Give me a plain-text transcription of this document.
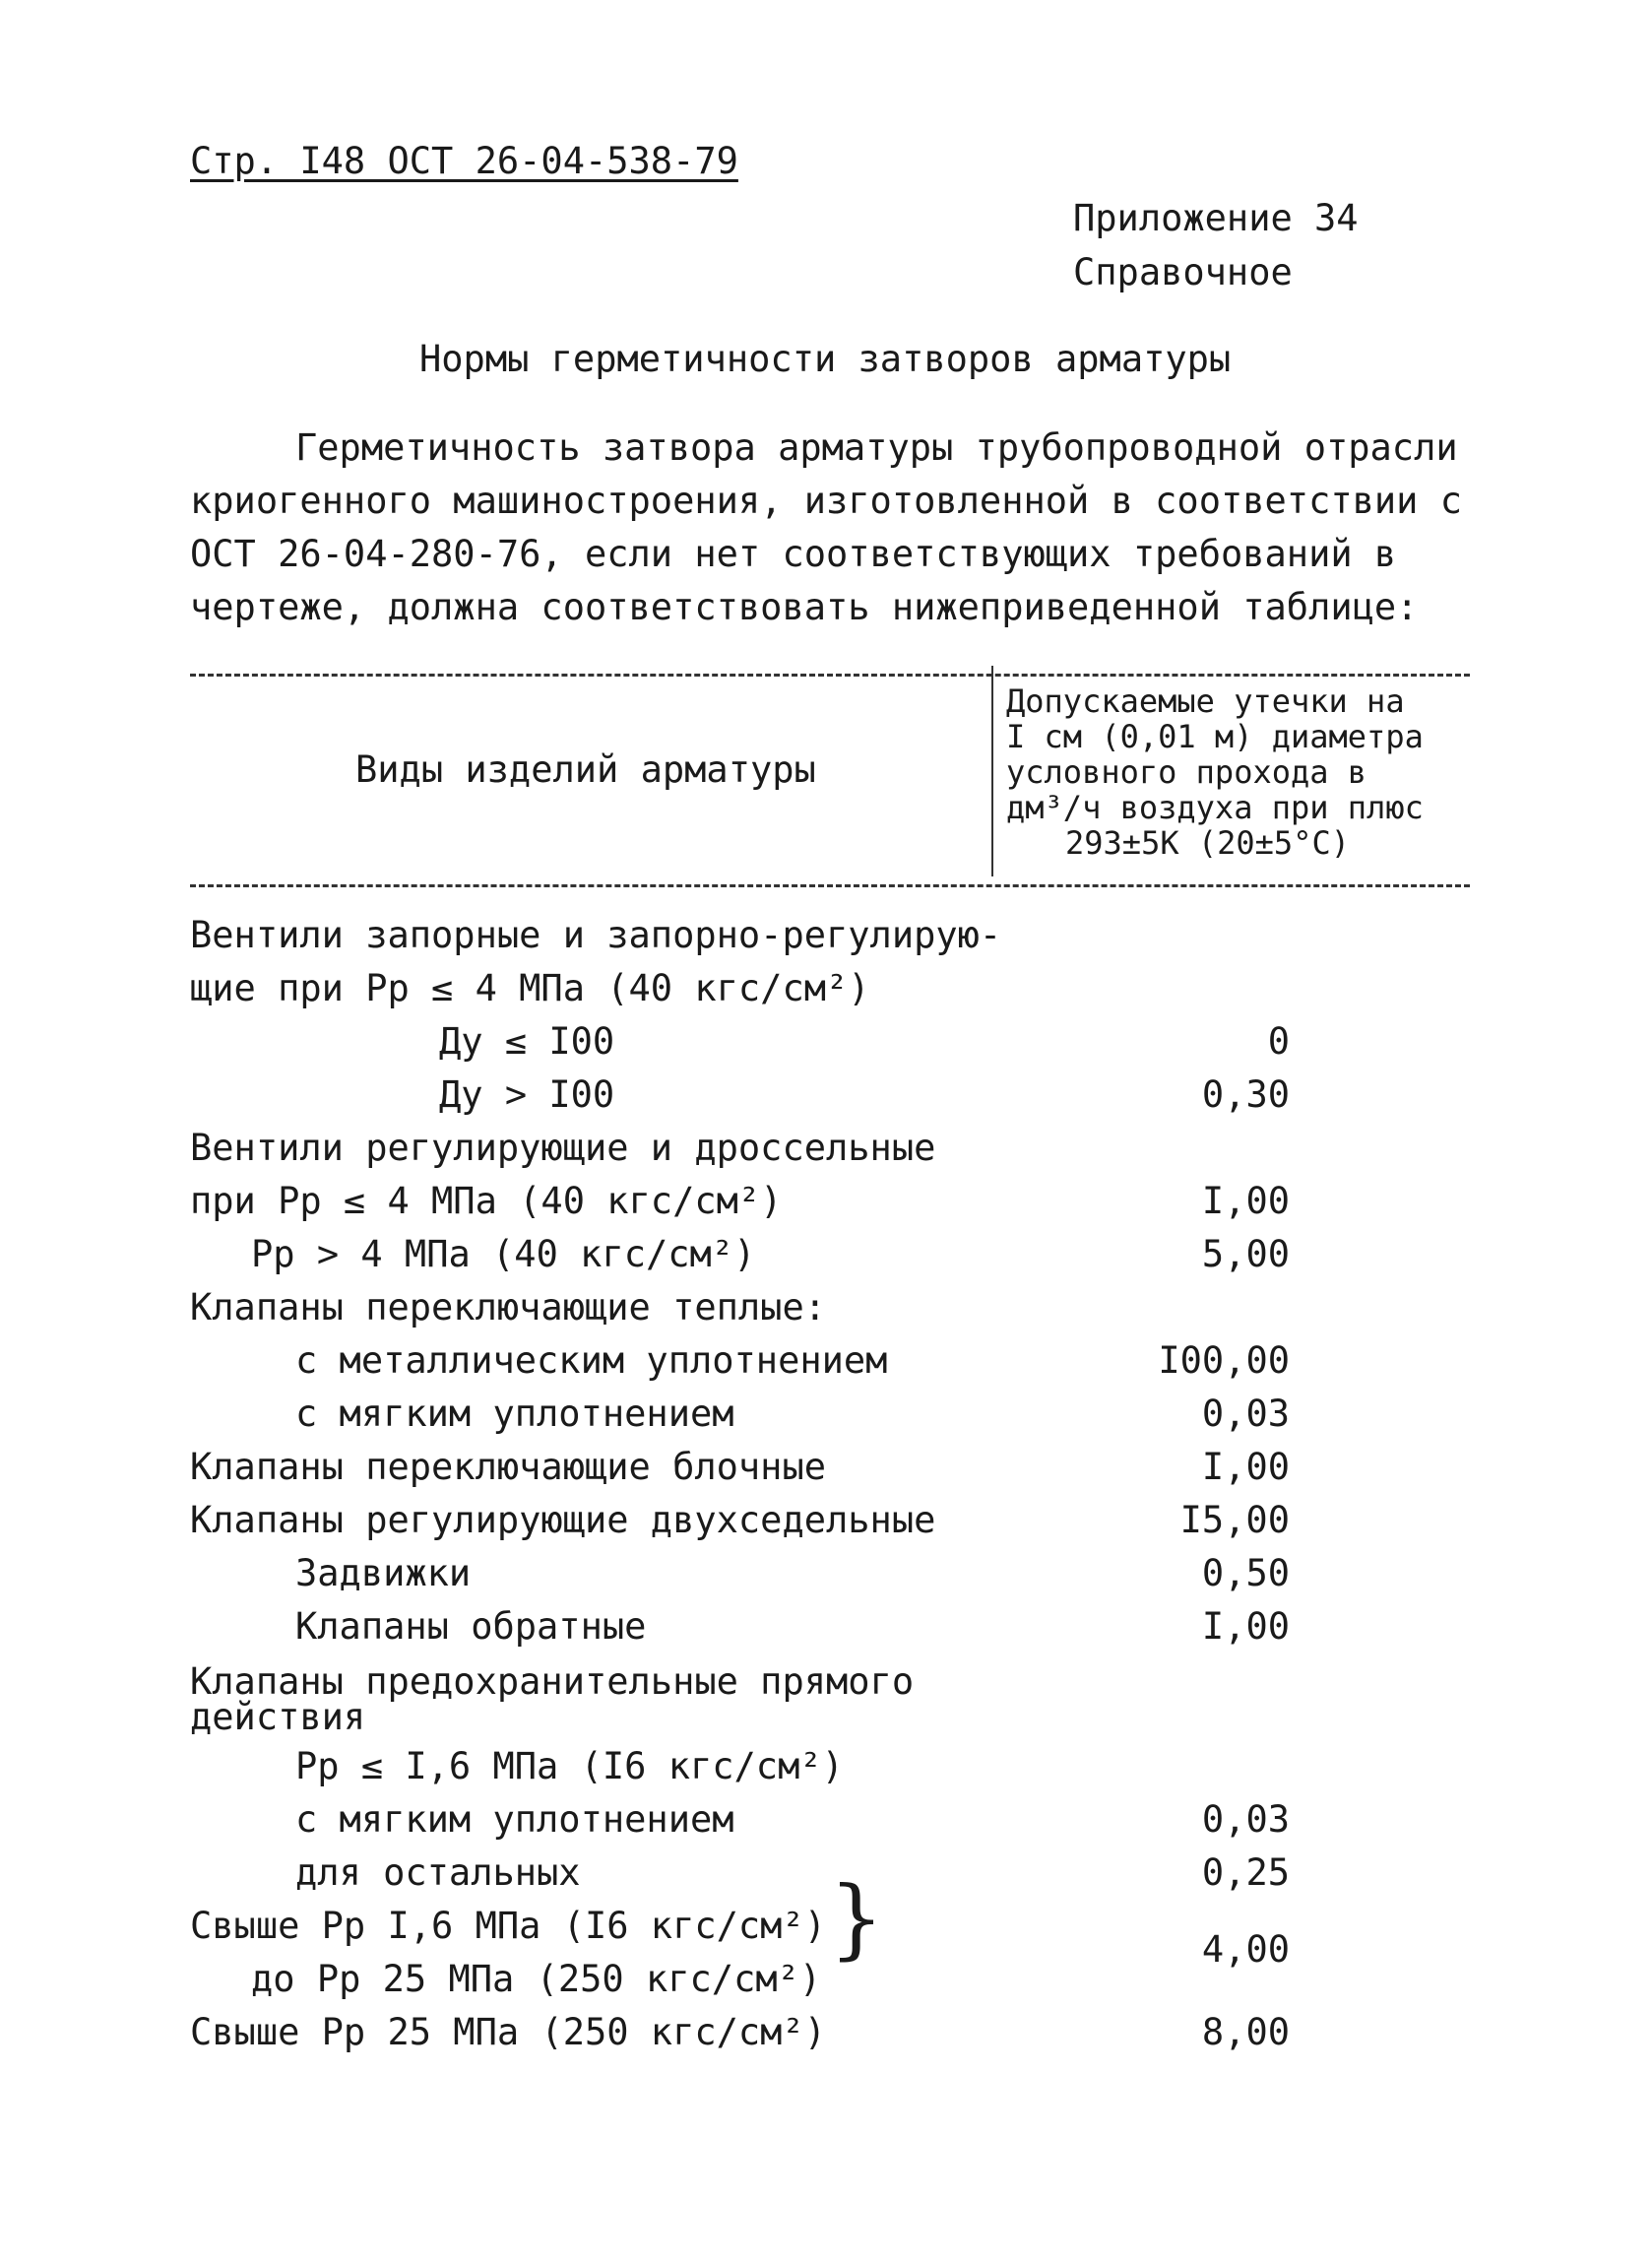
Стр. I48 ОСТ 26-04-538-79
Приложение 34
Справочное
Нормы герметичности затворов арматуры
Герметичность затвора арматуры трубопроводной отрасли криогенного машиностроения, изготовленной в соответствии с ОСТ 26-04-280-76, если нет соответствующих требований в чертеже, должна соответствовать нижеприведенной таблице:
Виды изделий арматуры
Допускаемые утечки на
I см (0,01 м) диаметра
условного прохода в
дм³/ч воздуха при плюс
293±5К (20±5°С)
Вентили запорные и запорно-регулирую-
щие при Pp ≤ 4 МПа (40 кгс/см²)
Ду ≤ I00	0
Ду > I00	0,30
Вентили регулирующие и дроссельные
при Pp ≤ 4 МПа (40 кгс/см²)	I,00
Pp > 4 МПа (40 кгс/см²)	5,00
Клапаны переключающие теплые:
с металлическим уплотнением	I00,00
с мягким уплотнением	0,03
Клапаны переключающие блочные	I,00
Клапаны регулирующие двухседельные	I5,00
Задвижки	0,50
Клапаны обратные	I,00
Клапаны предохранительные прямого
действия
Pp ≤ I,6 МПа (I6 кгс/см²)
с мягким уплотнением	0,03
для остальных	0,25
Свыше Pp I,6 МПа (I6 кгс/см²)
до Pp 25 МПа (250 кгс/см²)
}	4,00
Свыше Pp 25 МПа (250 кгс/см²)	8,00
